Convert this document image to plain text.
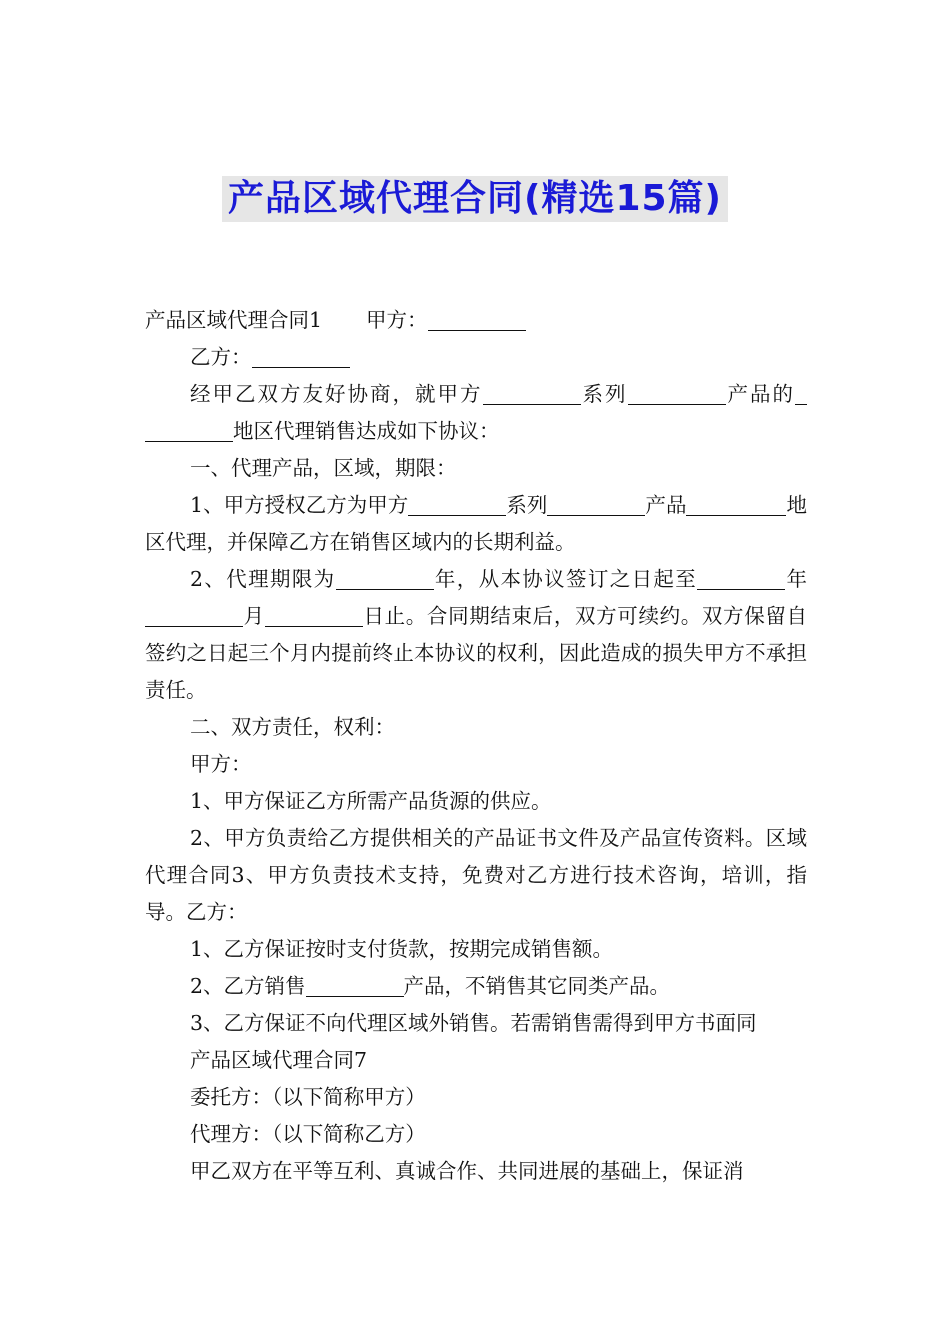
产品区域代理合同(精选15篇)

产品区域代理合同1 甲方：

乙方：

经甲乙双方友好协商，就甲方	系列	产品的地区代理销售达成如下协议：

一、代理产品，区域，期限：

1、甲方授权乙方为甲方	系列	产品	地区代理，并保障乙方在销售区域内的长期利益。

2、代理期限为	年，从本协议签订之日起至	年月	日止。合同期结束后，双方可续约。双方保留自签约之日起三个月内提前终止本协议的权利，因此造成的损失甲方不承担责任。

二、双方责任，权利：

甲方：

1、甲方保证乙方所需产品货源的供应。

2、甲方负责给乙方提供相关的产品证书文件及产品宣传资料。区域代理合同3、甲方负责技术支持，免费对乙方进行技术咨询，培训，指导。乙方：

1、乙方保证按时支付货款，按期完成销售额。

2、乙方销售	产品，不销售其它同类产品。

3、乙方保证不向代理区域外销售。若需销售需得到甲方书面同

产品区域代理合同7

委托方：（以下简称甲方）

代理方：（以下简称乙方）

甲乙双方在平等互利、真诚合作、共同进展的基础上，保证消
